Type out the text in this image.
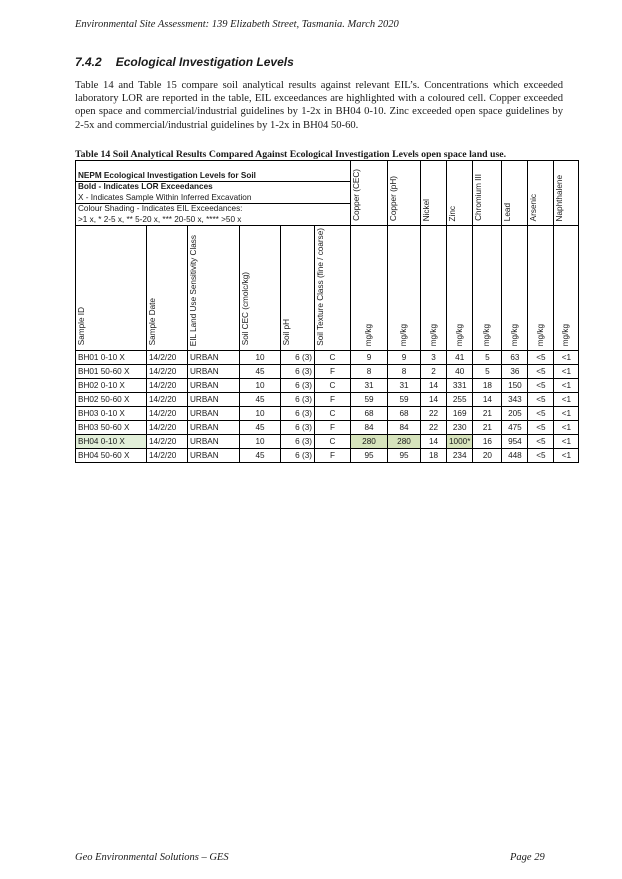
Environmental Site Assessment: 139 Elizabeth Street, Tasmania. March 2020
7.4.2 Ecological Investigation Levels
Table 14 and Table 15 compare soil analytical results against relevant EIL’s. Concentrations which exceeded laboratory LOR are reported in the table, EIL exceedances are highlighted with a coloured cell. Copper exceeded open space and commercial/industrial guidelines by 1-2x in BH04 0-10. Zinc exceeded open space guidelines by 2-5x and commercial/industrial guidelines by 1-2x in BH04 50-60.
Table 14 Soil Analytical Results Compared Against Ecological Investigation Levels open space land use.
NEPM Ecological Investigation Levels for Soil						Copper (CEC)	Copper (pH)	Nickel	Zinc	Chromium III	Lead	Arsenic	Naphthalene

Bold - Indicates LOR Exceedances
X - Indicates Sample Within Inferred Excavation													

Colour Shading - Indicates EIL Exceedances:
>1 x, * 2-5 x, ** 5-20 x, *** 20-50 x, **** >50 x													

Sample ID	Sample Date	EIL Land Use Sensitivity Class	Soil CEC (cmolc/kg)	Soil pH	Soil Texture Class (fine / coarse)								
						mg/kg	mg/kg	mg/kg	mg/kg	mg/kg	mg/kg	mg/kg	mg/kg
BH01 0-10 X	14/2/20	URBAN	10	6 (3)	C	9	9	3	41	5	63	<5	<1
BH01 50-60 X	14/2/20	URBAN	45	6 (3)	F	8	8	2	40	5	36	<5	<1
BH02 0-10 X	14/2/20	URBAN	10	6 (3)	C	31	31	14	331	18	150	<5	<1
BH02 50-60 X	14/2/20	URBAN	45	6 (3)	F	59	59	14	255	14	343	<5	<1
BH03 0-10 X	14/2/20	URBAN	10	6 (3)	C	68	68	22	169	21	205	<5	<1
BH03 50-60 X	14/2/20	URBAN	45	6 (3)	F	84	84	22	230	21	475	<5	<1
BH04 0-10 X	14/2/20	URBAN	10	6 (3)	C	280	280	14	1000*	16	954	<5	<1
BH04 50-60 X	14/2/20	URBAN	45	6 (3)	F	95	95	18	234	20	448	<5	<1
Geo Environmental Solutions – GES	Page 29
